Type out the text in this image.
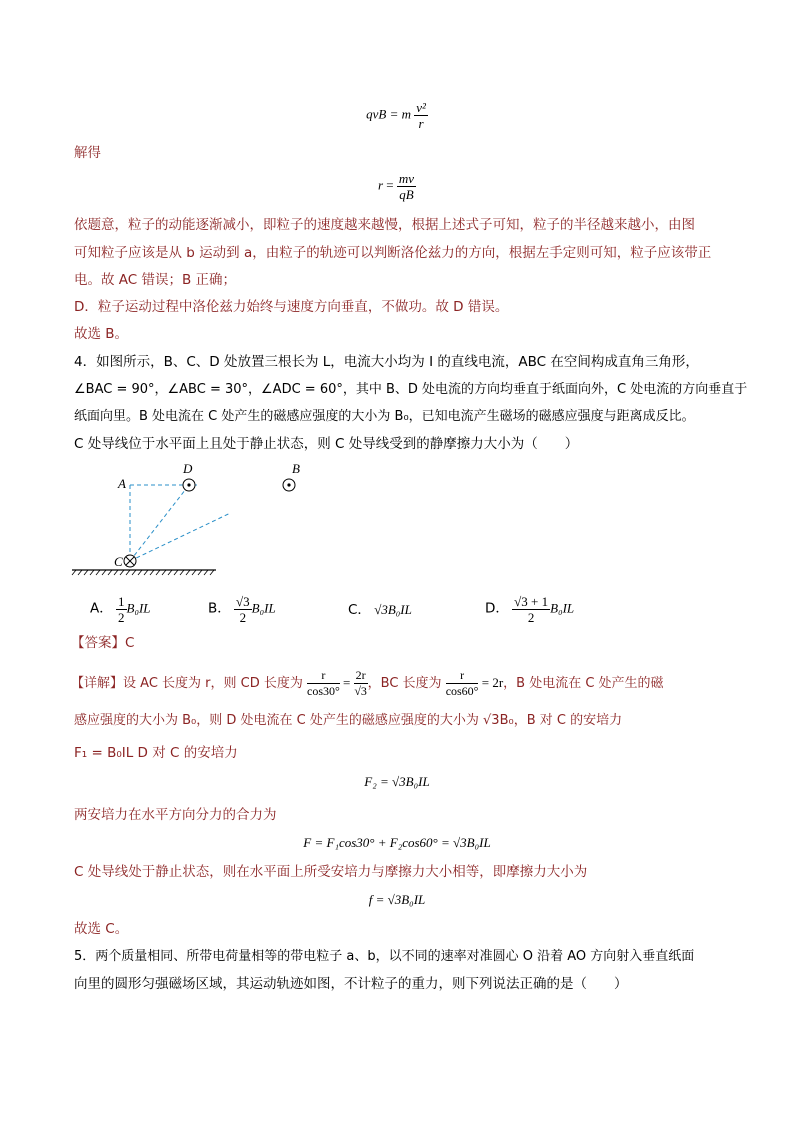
qvB = m $\frac{\text{v²}}{r}$
解得
$r = \frac{mv}{qB}$
依题意，粒子的动能逐渐减小，即粒子的速度越来越慢，根据上述式子可知，粒子的半径越来越小，由图
可知粒子应该是从 b 运动到 a，由粒子的轨迹可以判断洛伦兹力的方向，根据左手定则可知，粒子应该带正
电。故 AC 错误；B 正确；
D．粒子运动过程中洛伦兹力始终与速度方向垂直，不做功。故 D 错误。
故选 B。
4．如图所示，B、C、D 处放置三根长为 L，电流大小均为 I 的直线电流，ABC 在空间构成直角三角形，
∠BAC = 90°，∠ABC = 30°，∠ADC = 60°，其中 B、D 处电流的方向均垂直于纸面向外，C 处电流的方向垂直于
纸面向里。B 处电流在 C 处产生的磁感应强度的大小为 B₀，已知电流产生磁场的磁感应强度与距离成反比。
C 处导线位于水平面上且处于静止状态，则 C 处导线受到的静摩擦力大小为（　　）
A
D
C
B
A． $\frac{1}{2} B_0IL$	B． $\frac{√3}{2} B_0IL$	C． √3B₀IL	D． $\frac{√3 + 1}{2} B_0IL$
【答案】C
【详解】设 AC 长度为 r，则 CD 长度为 $\frac{r}{\cos 30^\circ} = \frac{2r}{√3}$ ，BC 长度为 $\frac{r}{\cos 60^\circ} = 2r$，B 处电流在 C 处产生的磁
感应强度的大小为 B₀，则 D 处电流在 C 处产生的磁感应强度的大小为 √3B₀，B 对 C 的安培力
F₁ = B₀IL D 对 C 的安培力
F₂ = √3B₀IL
两安培力在水平方向分力的合力为
F = F₁cos30° + F₂cos60° = √3B₀IL
C 处导线处于静止状态，则在水平面上所受安培力与摩擦力大小相等，即摩擦力大小为
f = √3B₀IL
故选 C。
5．两个质量相同、所带电荷量相等的带电粒子 a、b，以不同的速率对准圆心 O 沿着 AO 方向射入垂直纸面
向里的圆形匀强磁场区域，其运动轨迹如图，不计粒子的重力，则下列说法正确的是（　　）
